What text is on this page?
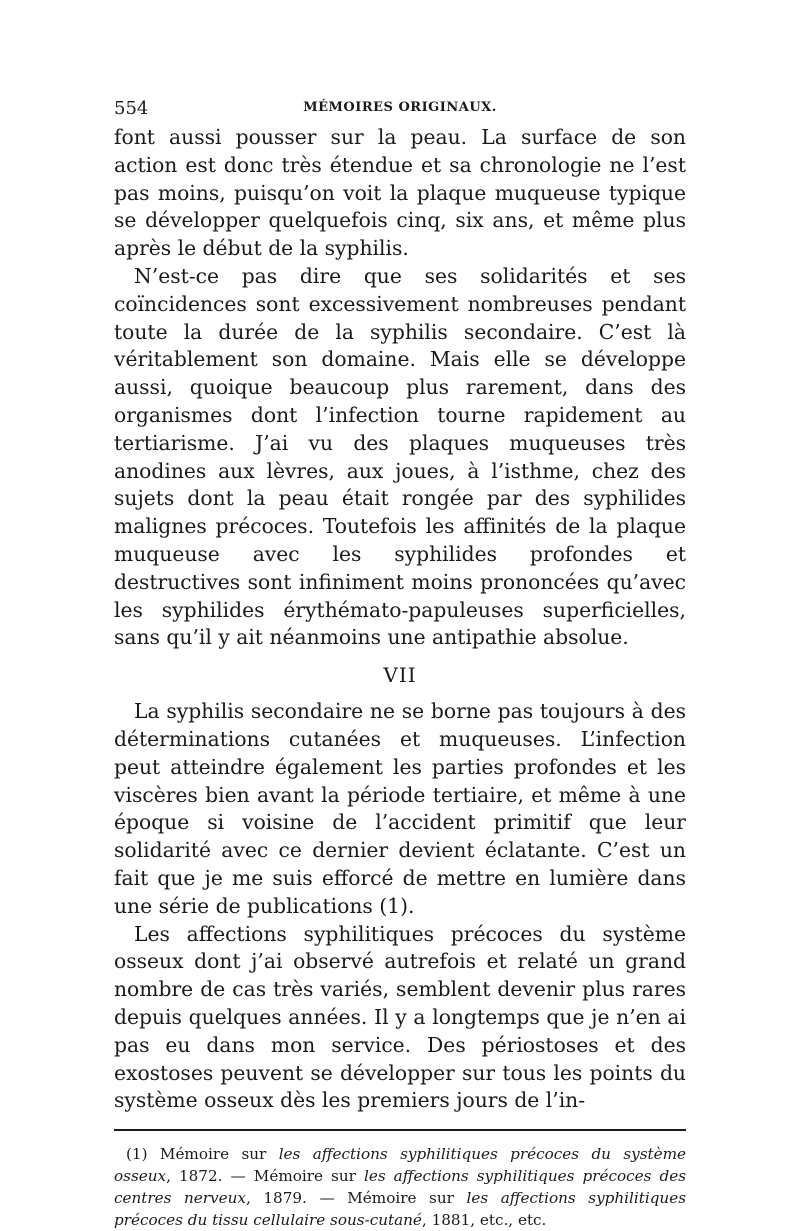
554	MÉMOIRES ORIGINAUX.

font aussi pousser sur la peau. La surface de son action est donc très étendue et sa chronologie ne l’est pas moins, puisqu’on voit la plaque muqueuse typique se développer quelquefois cinq, six ans, et même plus après le début de la syphilis.

N’est-ce pas dire que ses solidarités et ses coïncidences sont excessivement nombreuses pendant toute la durée de la syphilis secondaire. C’est là véritablement son domaine. Mais elle se développe aussi, quoique beaucoup plus rarement, dans des organismes dont l’infection tourne rapidement au tertiarisme. J’ai vu des plaques muqueuses très anodines aux lèvres, aux joues, à l’isthme, chez des sujets dont la peau était rongée par des syphilides malignes précoces. Toutefois les affinités de la plaque muqueuse avec les syphilides profondes et destructives sont infiniment moins prononcées qu’avec les syphilides érythémato-papuleuses superficielles, sans qu’il y ait néanmoins une antipathie absolue.

VII

La syphilis secondaire ne se borne pas toujours à des déterminations cutanées et muqueuses. L’infection peut atteindre également les parties profondes et les viscères bien avant la période tertiaire, et même à une époque si voisine de l’accident primitif que leur solidarité avec ce dernier devient éclatante. C’est un fait que je me suis efforcé de mettre en lumière dans une série de publications (1).

Les affections syphilitiques précoces du système osseux dont j’ai observé autrefois et relaté un grand nombre de cas très variés, semblent devenir plus rares depuis quelques années. Il y a longtemps que je n’en ai pas eu dans mon service. Des périostoses et des exostoses peuvent se développer sur tous les points du système osseux dès les premiers jours de l’in-

(1) Mémoire sur les affections syphilitiques précoces du système osseux, 1872. — Mémoire sur les affections syphilitiques précoces des centres nerveux, 1879. — Mémoire sur les affections syphilitiques précoces du tissu cellulaire sous-cutané, 1881, etc., etc.
